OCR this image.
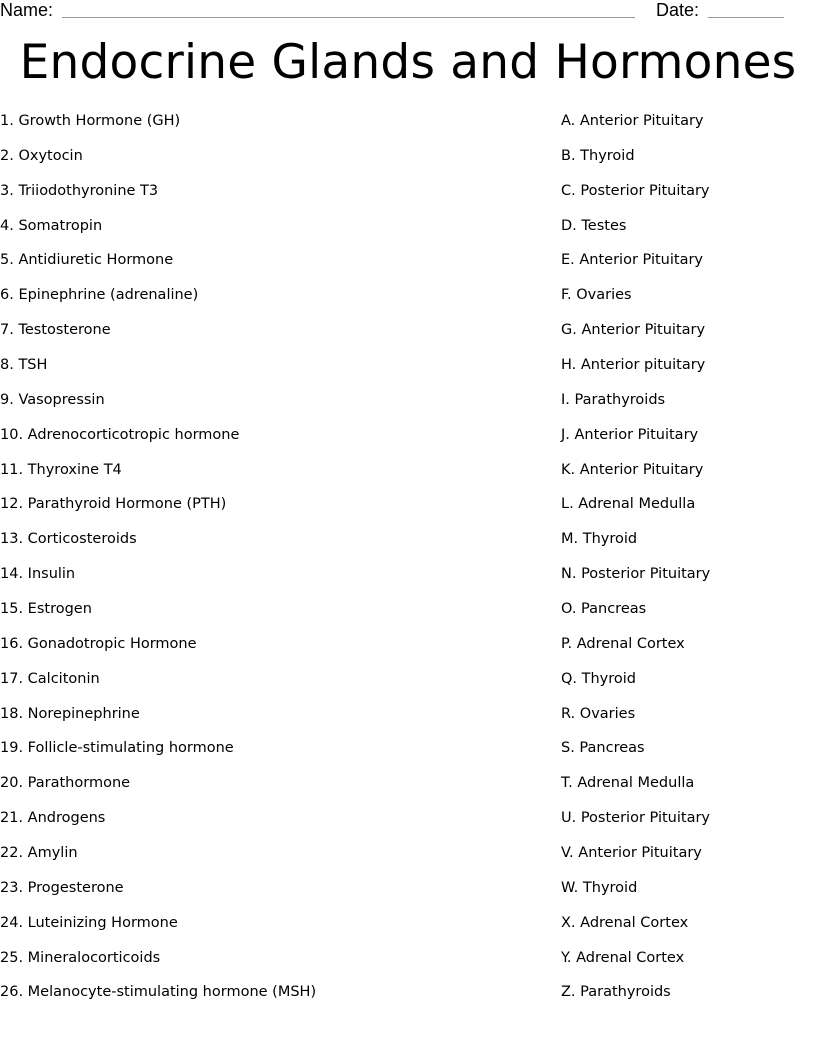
Name:	Date:
Endocrine Glands and Hormones
1. Growth Hormone (GH)
2. Oxytocin
3. Triiodothyronine T3
4. Somatropin
5. Antidiuretic Hormone
6. Epinephrine (adrenaline)
7. Testosterone
8. TSH
9. Vasopressin
10. Adrenocorticotropic hormone
11. Thyroxine T4
12. Parathyroid Hormone (PTH)
13. Corticosteroids
14. Insulin
15. Estrogen
16. Gonadotropic Hormone
17. Calcitonin
18. Norepinephrine
19. Follicle-stimulating hormone
20. Parathormone
21. Androgens
22. Amylin
23. Progesterone
24. Luteinizing Hormone
25. Mineralocorticoids
26. Melanocyte-stimulating hormone (MSH)
A. Anterior Pituitary
B. Thyroid
C. Posterior Pituitary
D. Testes
E. Anterior Pituitary
F. Ovaries
G. Anterior Pituitary
H. Anterior pituitary
I. Parathyroids
J. Anterior Pituitary
K. Anterior Pituitary
L. Adrenal Medulla
M. Thyroid
N. Posterior Pituitary
O. Pancreas
P. Adrenal Cortex
Q. Thyroid
R. Ovaries
S. Pancreas
T. Adrenal Medulla
U. Posterior Pituitary
V. Anterior Pituitary
W. Thyroid
X. Adrenal Cortex
Y. Adrenal Cortex
Z. Parathyroids
